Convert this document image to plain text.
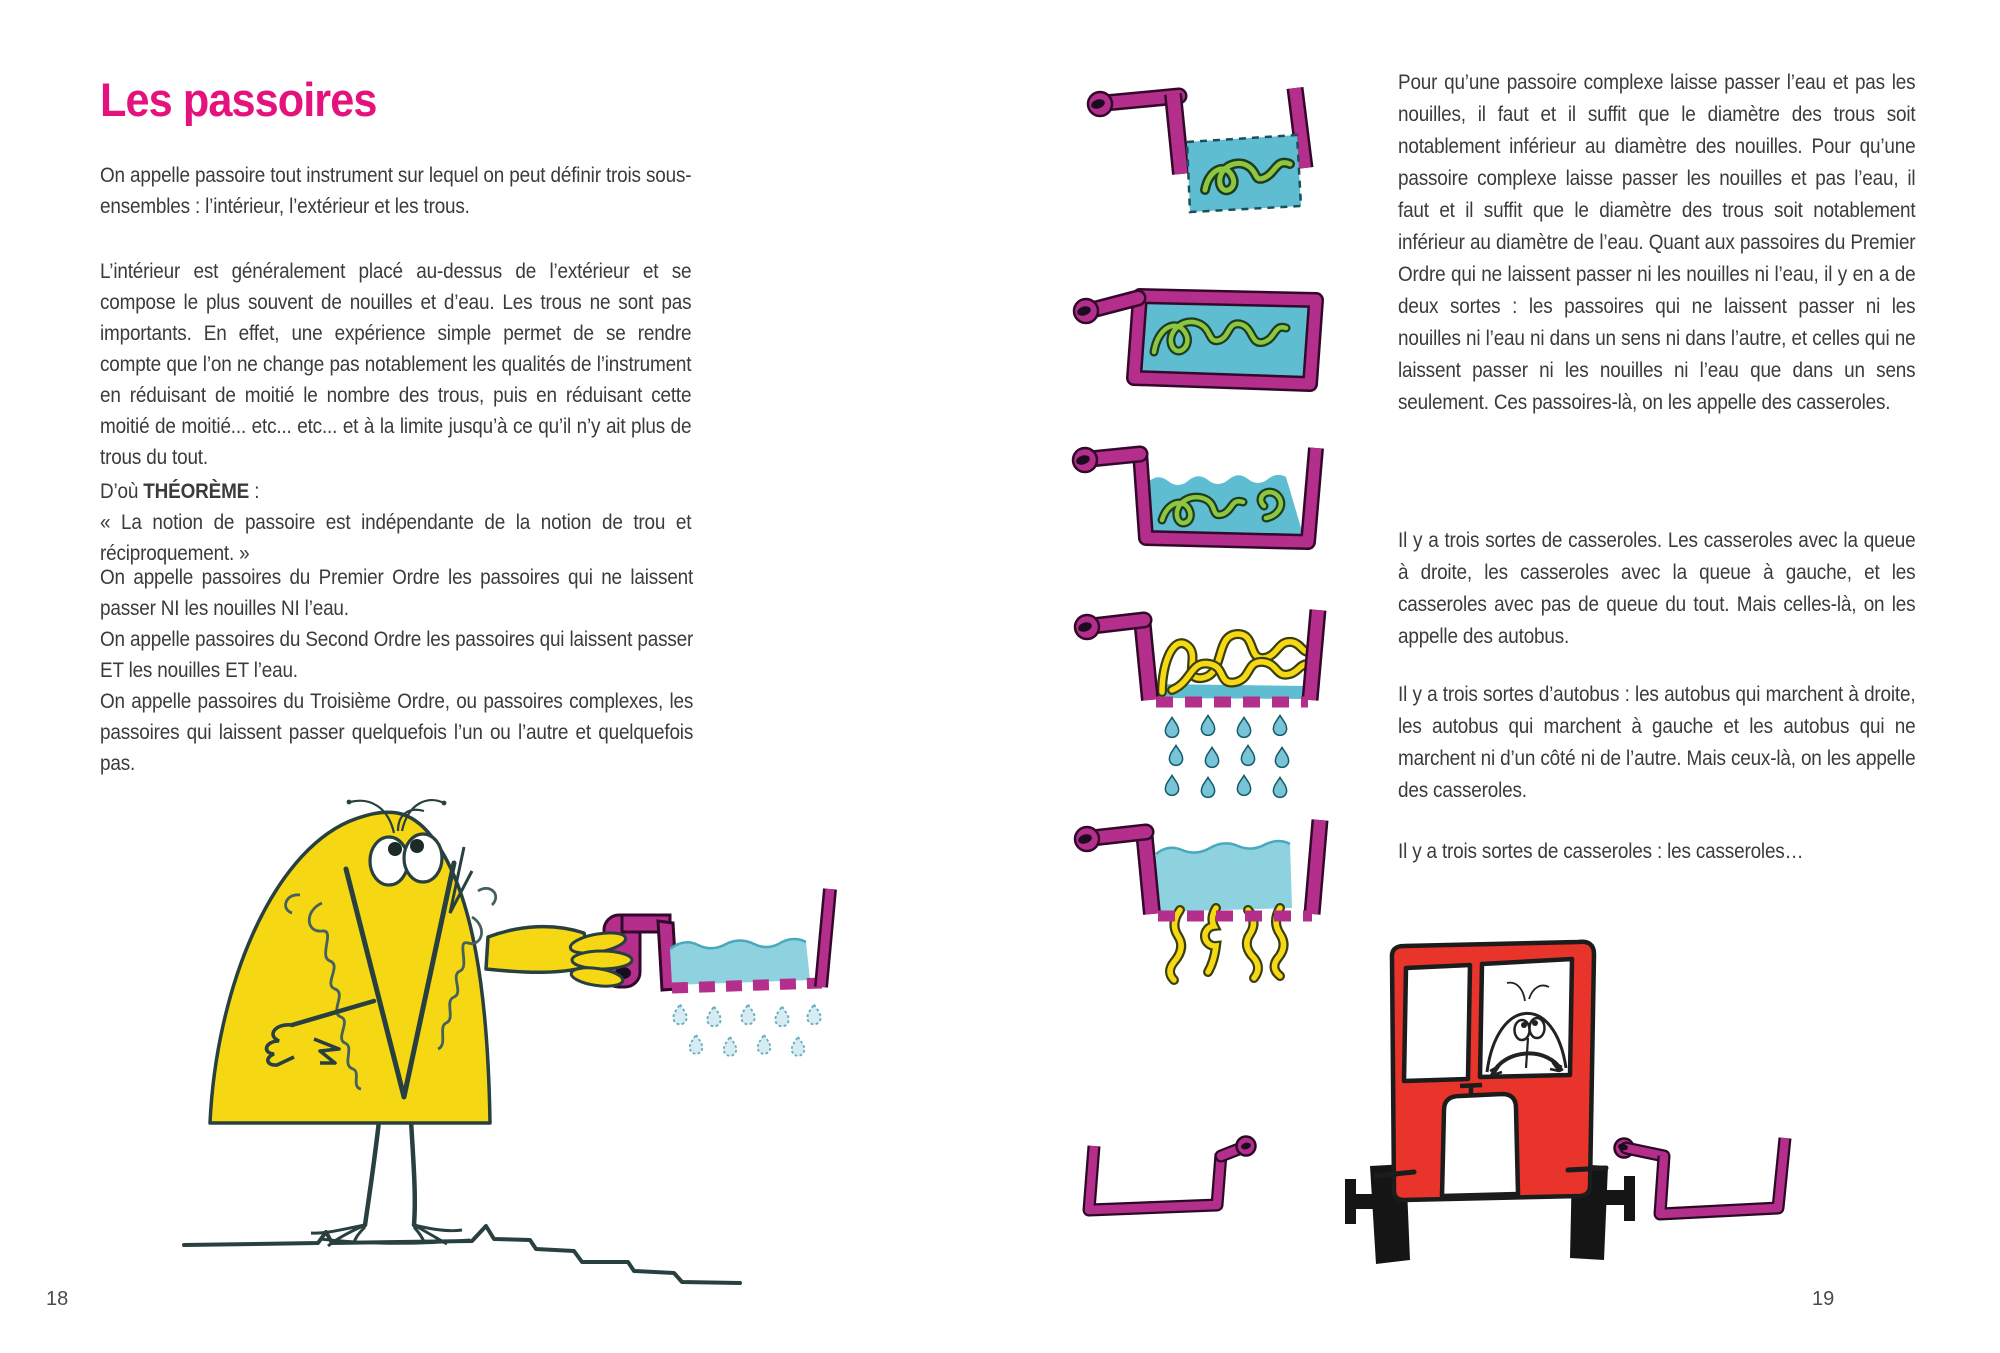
Les passoires

On appelle passoire tout instrument sur lequel on peut définir trois sous-ensembles : l’intérieur, l’extérieur et les trous.

L’intérieur est généralement placé au-dessus de l’extérieur et se compose le plus souvent de nouilles et d’eau. Les trous ne sont pas importants. En effet, une expérience simple permet de se rendre compte que l’on ne change pas notablement les qualités de l’instrument en réduisant de moitié le nombre des trous, puis en réduisant cette moitié de moitié... etc... etc... et à la limite jusqu’à ce qu’il n’y ait plus de trous du tout.

D’où THÉORÈME :

« La notion de passoire est indépendante de la notion de trou et réciproquement. »

On appelle passoires du Premier Ordre les passoires qui ne laissent passer NI les nouilles NI l’eau.

On appelle passoires du Second Ordre les passoires qui laissent passer ET les nouilles ET l’eau.

On appelle passoires du Troisième Ordre, ou passoires complexes, les passoires qui laissent passer quelquefois l’un ou l’autre et quelquefois pas.

18

Pour qu’une passoire complexe laisse passer l’eau et pas les nouilles, il faut et il suffit que le diamètre des trous soit notablement inférieur au diamètre des nouilles. Pour qu’une passoire complexe laisse passer les nouilles et pas l’eau, il faut et il suffit que le diamètre des trous soit notablement inférieur au diamètre de l’eau. Quant aux passoires du Premier Ordre qui ne laissent passer ni les nouilles ni l’eau, il y en a de deux sortes : les passoires qui ne laissent passer ni les nouilles ni l’eau ni dans un sens ni dans l’autre, et celles qui ne laissent passer ni les nouilles ni l’eau que dans un sens seulement. Ces passoires-là, on les appelle des casseroles.

Il y a trois sortes de casseroles. Les casseroles avec la queue à droite, les casseroles avec la queue à gauche, et les casseroles avec pas de queue du tout. Mais celles-là, on les appelle des autobus.

Il y a trois sortes d’autobus : les autobus qui marchent à droite, les autobus qui marchent à gauche et les autobus qui ne marchent ni d’un côté ni de l’autre. Mais ceux-là, on les appelle des casseroles.

Il y a trois sortes de casseroles : les casseroles…

19
